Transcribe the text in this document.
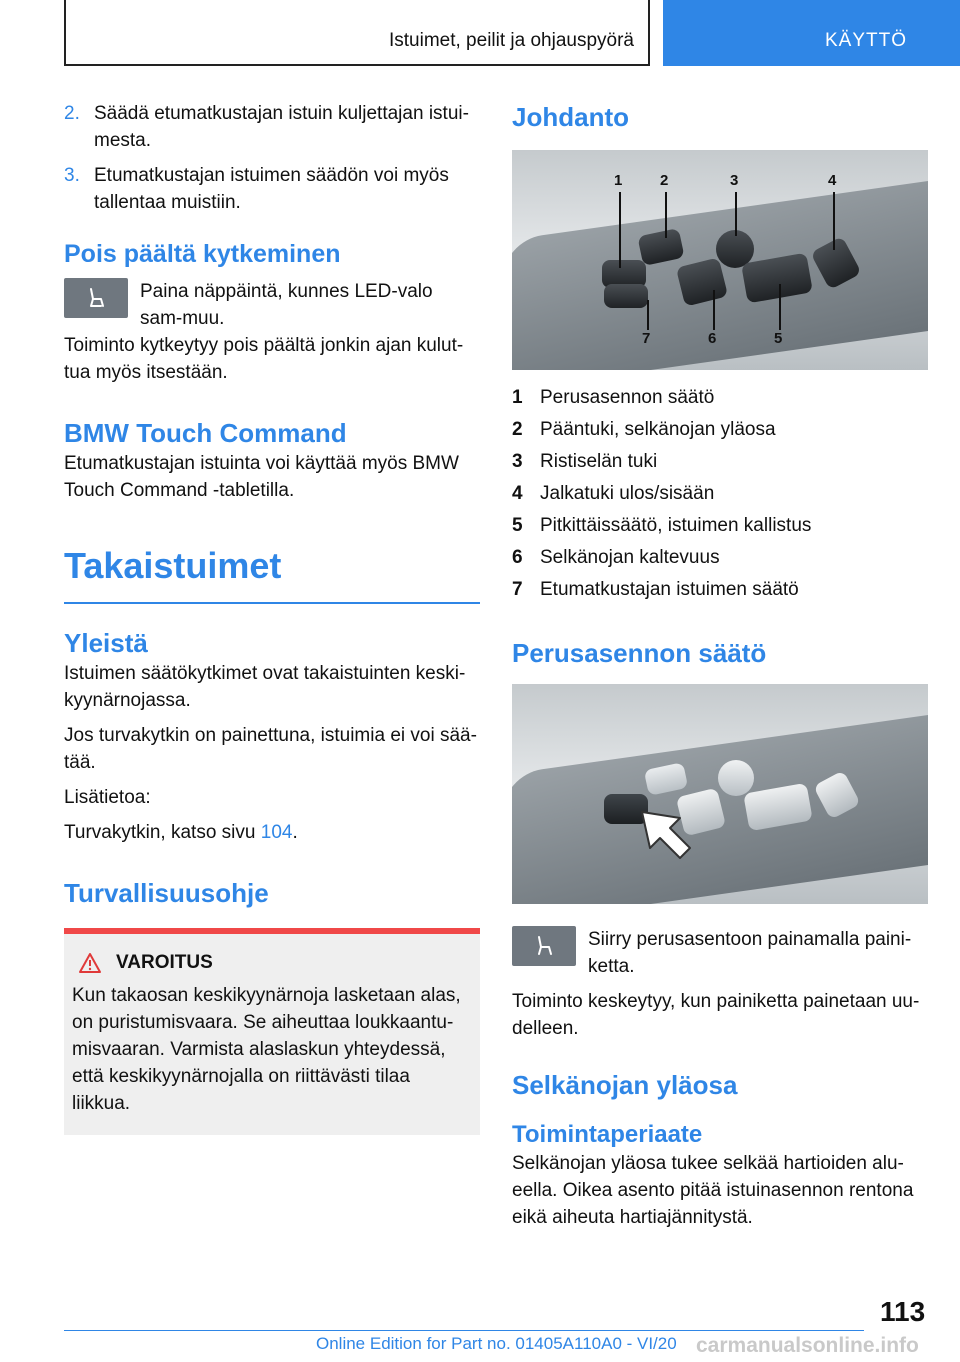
Istuimet, peilit ja ohjauspyörä	KÄYTTÖ
2. Säädä etumatkustajan istuin kuljettajan istui-mesta.
3. Etumatkustajan istuimen säädön voi myös tallentaa muistiin.
Pois päältä kytkeminen
Paina näppäintä, kunnes LED-valo sam-muu.
Toiminto kytkeytyy pois päältä jonkin ajan kulut-tua myös itsestään.
BMW Touch Command
Etumatkustajan istuinta voi käyttää myös BMW Touch Command -tabletilla.
Takaistuimet
Yleistä
Istuimen säätökytkimet ovat takaistuinten keski-kyynärnojassa.
Jos turvakytkin on painettuna, istuimia ei voi sää-tää.
Lisätietoa:
Turvakytkin, katso sivu 104.
Turvallisuusohje
VAROITUS
Kun takaosan keskikyynärnoja lasketaan alas, on puristumisvaara. Se aiheuttaa loukkaantu-misvaaran. Varmista alaslaskun yhteydessä, että keskikyynärnojalla on riittävästi tilaa liikkua.
Johdanto
1	2	3	4
7	6	5
1 Perusasennon säätö
2 Pääntuki, selkänojan yläosa
3 Ristiselän tuki
4 Jalkatuki ulos/sisään
5 Pitkittäissäätö, istuimen kallistus
6 Selkänojan kaltevuus
7 Etumatkustajan istuimen säätö
Perusasennon säätö
Siirry perusasentoon painamalla paini-ketta.
Toiminto keskeytyy, kun painiketta painetaan uu-delleen.
Selkänojan yläosa
Toimintaperiaate
Selkänojan yläosa tukee selkää hartioiden alu-eella. Oikea asento pitää istuinasennon rentona eikä aiheuta hartiajännitystä.
113
Online Edition for Part no. 01405A110A0 - VI/20 carmanualsonline.info
